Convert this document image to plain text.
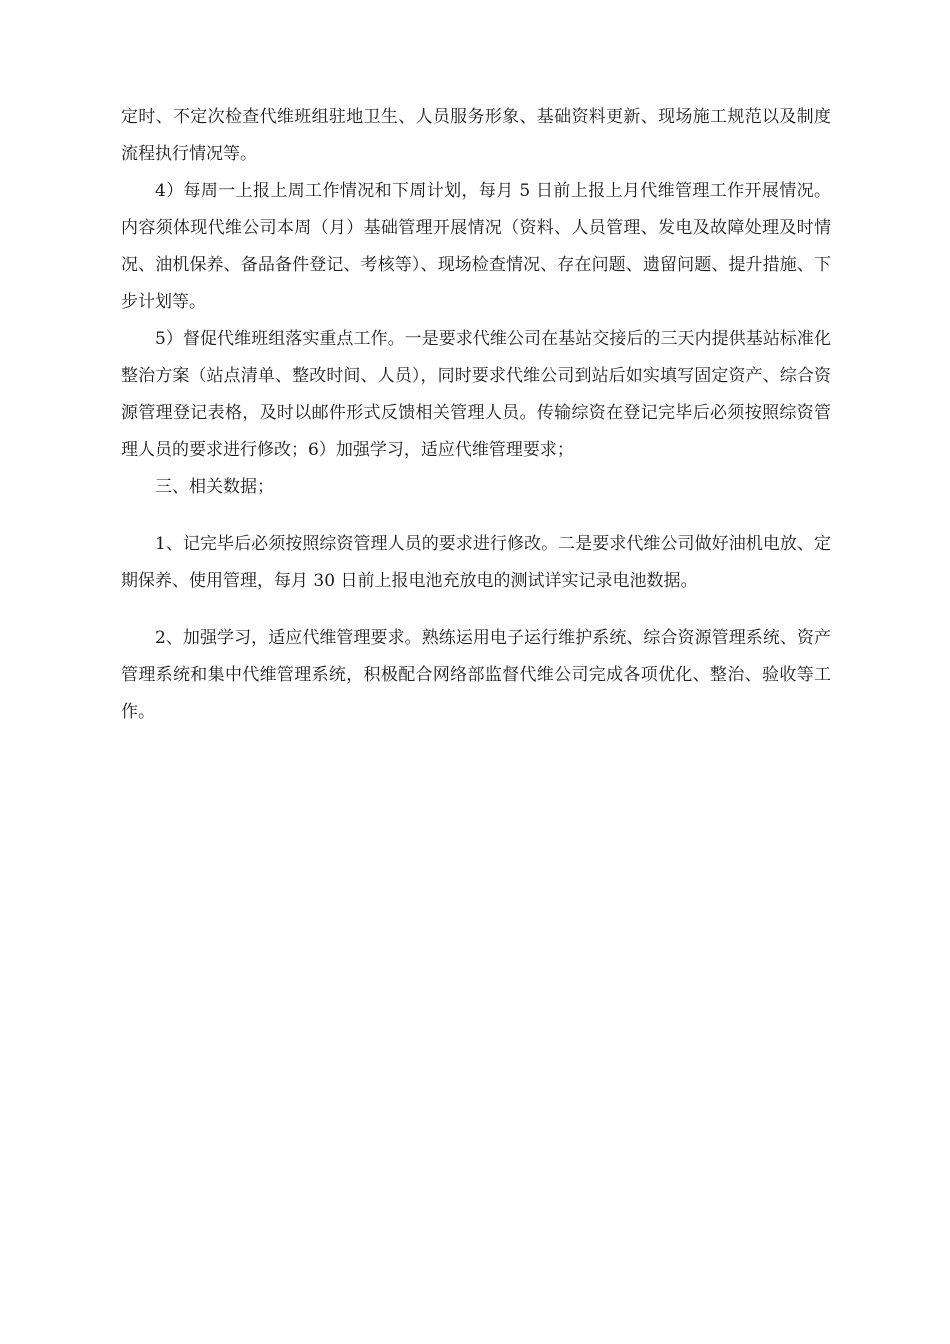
定时、不定次检查代维班组驻地卫生、人员服务形象、基础资料更新、现场施工规范以及制度流程执行情况等。

4）每周一上报上周工作情况和下周计划，每月 5 日前上报上月代维管理工作开展情况。内容须体现代维公司本周（月）基础管理开展情况（资料、人员管理、发电及故障处理及时情况、油机保养、备品备件登记、考核等）、现场检查情况、存在问题、遗留问题、提升措施、下步计划等。

5）督促代维班组落实重点工作。一是要求代维公司在基站交接后的三天内提供基站标准化整治方案（站点清单、整改时间、人员），同时要求代维公司到站后如实填写固定资产、综合资源管理登记表格，及时以邮件形式反馈相关管理人员。传输综资在登记完毕后必须按照综资管理人员的要求进行修改；6）加强学习，适应代维管理要求；

三、相关数据；

1、记完毕后必须按照综资管理人员的要求进行修改。二是要求代维公司做好油机电放、定期保养、使用管理，每月 30 日前上报电池充放电的测试详实记录电池数据。

2、加强学习，适应代维管理要求。熟练运用电子运行维护系统、综合资源管理系统、资产管理系统和集中代维管理系统，积极配合网络部监督代维公司完成各项优化、整治、验收等工作。
